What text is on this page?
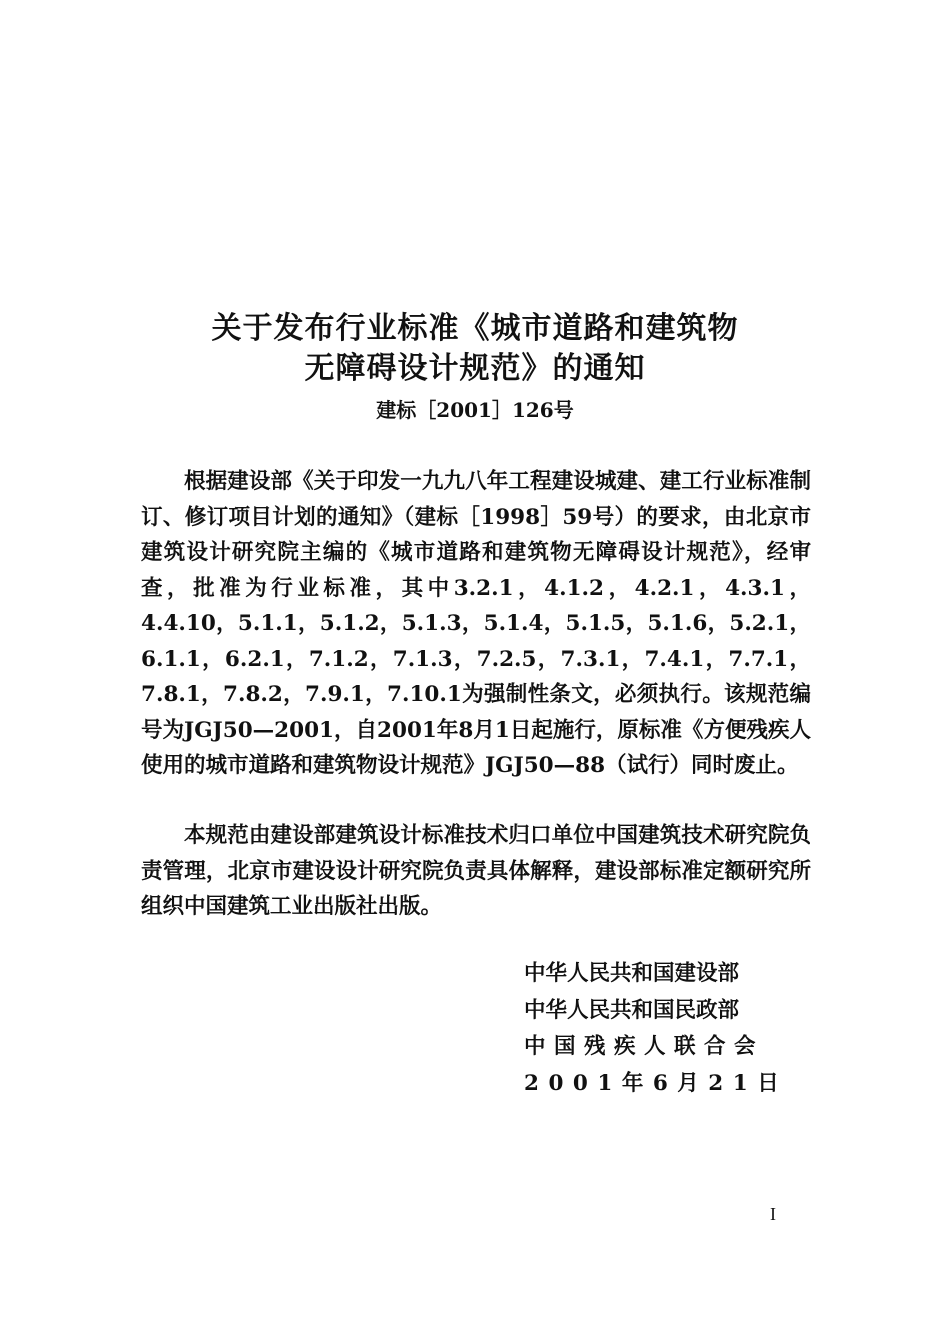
关于发布行业标准《城市道路和建筑物
无障碍设计规范》的通知
建标［2001］126号

根据建设部《关于印发一九九八年工程建设城建、建工行业标准制订、修订项目计划的通知》（建标［1998］59号）的要求，由北京市建筑设计研究院主编的《城市道路和建筑物无障碍设计规范》，经审查，批准为行业标准，其中3.2.1，4.1.2，4.2.1，4.3.1，4.4.10，5.1.1，5.1.2，5.1.3，5.1.4，5.1.5，5.1.6，5.2.1，6.1.1，6.2.1，7.1.2，7.1.3，7.2.5，7.3.1，7.4.1，7.7.1，7.8.1，7.8.2，7.9.1，7.10.1为强制性条文，必须执行。该规范编号为JGJ50—2001，自2001年8月1日起施行，原标准《方便残疾人使用的城市道路和建筑物设计规范》JGJ50—88（试行）同时废止。

本规范由建设部建筑设计标准技术归口单位中国建筑技术研究院负责管理，北京市建设设计研究院负责具体解释，建设部标准定额研究所组织中国建筑工业出版社出版。

中华人民共和国建设部
中华人民共和国民政部
中国残疾人联合会
2001年6月21日
I
